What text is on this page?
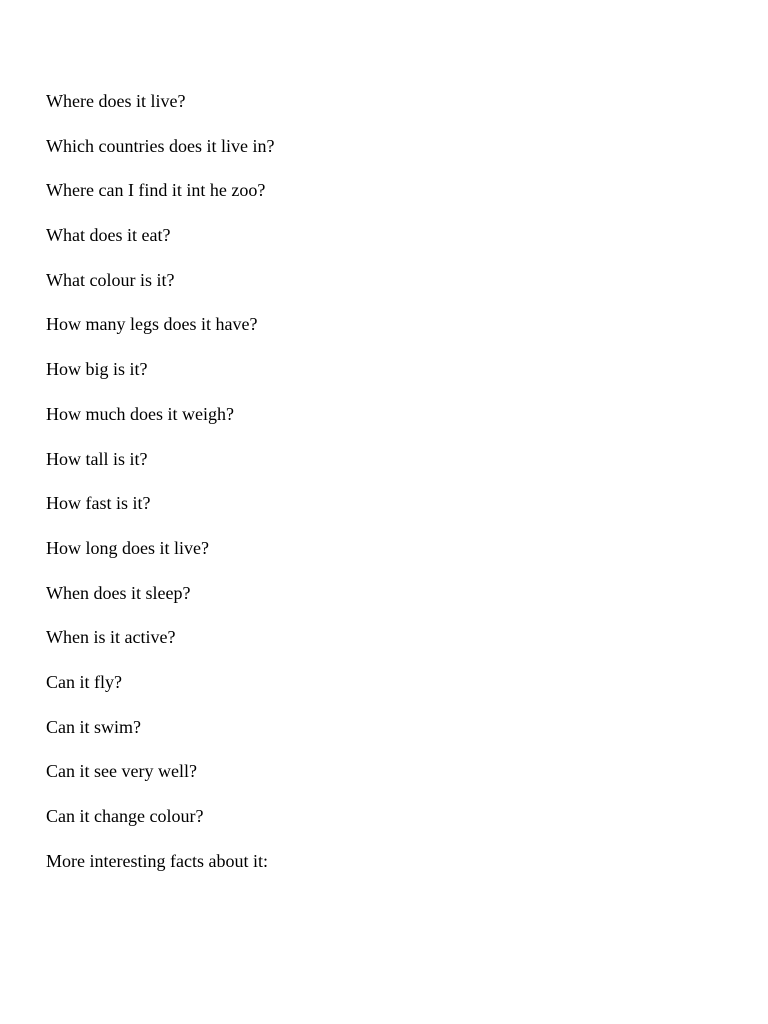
Where does it live?
Which countries does it live in?
Where can I find it int he zoo?
What does it eat?
What colour is it?
How many legs does it have?
How big is it?
How much does it weigh?
How tall is it?
How fast is it?
How long does it live?
When does it sleep?
When is it active?
Can it fly?
Can it swim?
Can it see very well?
Can it change colour?
More interesting facts about it:
